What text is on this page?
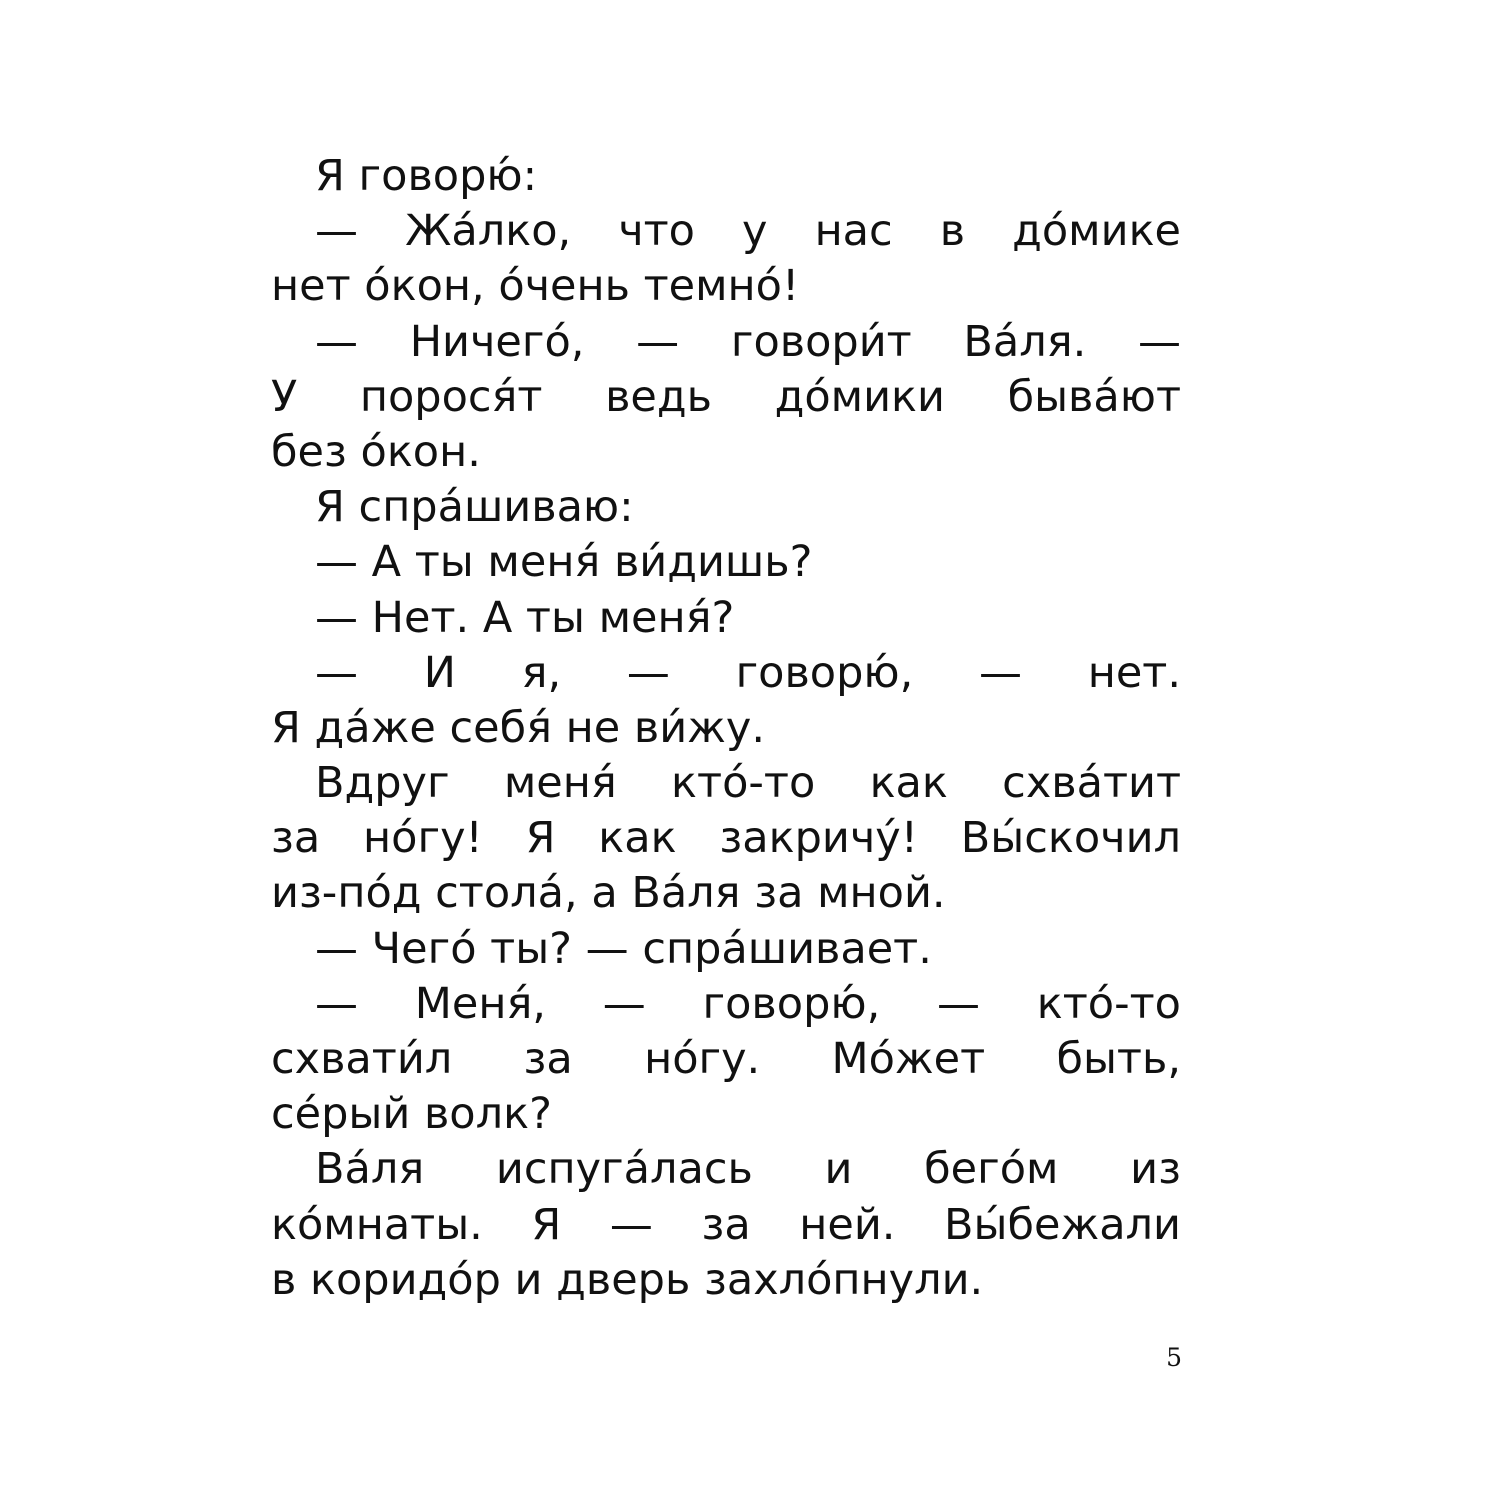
Я говорю́:
— Жа́лко, что у нас в до́мике
нет о́кон, о́чень темно́!
— Ничего́, — говори́т Ва́ля. —
У порося́т ведь до́мики быва́ют
без о́кон.
Я спра́шиваю:
— А ты меня́ ви́дишь?
— Нет. А ты меня́?
— И я, — говорю́, — нет.
Я да́же себя́ не ви́жу.
Вдруг меня́ кто́-то как схва́тит
за но́гу! Я как закричу́! Вы́скочил
из-по́д стола́, а Ва́ля за мной.
— Чего́ ты? — спра́шивает.
— Меня́, — говорю́, — кто́-то
схвати́л за но́гу. Мо́жет быть,
се́рый волк?
Ва́ля испуга́лась и бего́м из
ко́мнаты. Я — за ней. Вы́бежали
в коридо́р и дверь захло́пнули.
5
